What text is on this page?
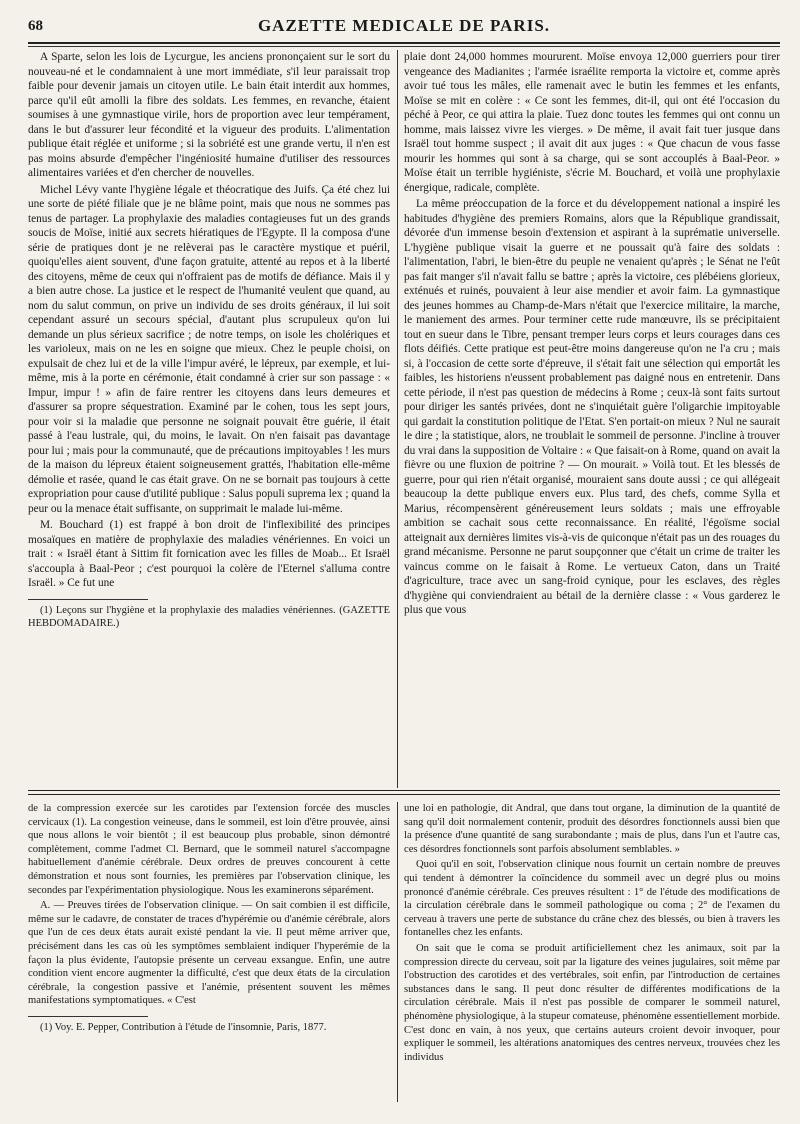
68	GAZETTE MEDICALE DE PARIS.

A Sparte, selon les lois de Lycurgue, les anciens prononçaient sur le sort du nouveau-né et le condamnaient à une mort immédiate, s'il leur paraissait trop faible pour devenir jamais un citoyen utile. Le bain était interdit aux hommes, parce qu'il eût amolli la fibre des soldats. Les femmes, en revanche, étaient soumises à une gymnastique virile, hors de proportion avec leur tempérament, dans le but d'assurer leur fécondité et la vigueur des produits. L'alimentation publique était réglée et uniforme ; si la sobriété est une grande vertu, il n'en est pas moins absurde d'empêcher l'ingéniosité humaine d'utiliser des ressources alimentaires variées et d'en chercher de nouvelles.

Michel Lévy vante l'hygiène légale et théocratique des Juifs. Ça été chez lui une sorte de piété filiale que je ne blâme point, mais que nous ne sommes pas tenus de partager. La prophylaxie des maladies contagieuses fut un des grands soucis de Moïse, initié aux secrets hiératiques de l'Egypte. Il la composa d'une série de pratiques dont je ne relèverai pas le caractère mystique et puéril, quoiqu'elles aient souvent, d'une façon gratuite, attenté au repos et à la liberté des citoyens, même de ceux qui n'offraient pas de motifs de défiance. Mais il y a bien autre chose. La justice et le respect de l'humanité veulent que quand, au nom du salut commun, on prive un individu de ses droits généraux, il lui soit cependant assuré un secours spécial, d'autant plus scrupuleux qu'on lui demande un plus sérieux sacrifice ; de notre temps, on isole les cholériques et les varioleux, mais on ne les en soigne que mieux. Chez le peuple choisi, on expulsait de chez lui et de la ville l'impur avéré, le lépreux, par exemple, et lui-même, mis à la porte en cérémonie, était condamné à crier sur son passage : « Impur, impur ! » afin de faire rentrer les citoyens dans leurs demeures et d'assurer sa propre séquestration. Examiné par le cohen, tous les sept jours, pour voir si la maladie que personne ne soignait pouvait être guérie, il était passé à l'eau lustrale, qui, du moins, le lavait. On n'en faisait pas davantage pour lui ; mais pour la communauté, que de précautions impitoyables ! les murs de la maison du lépreux étaient soigneusement grattés, l'habitation elle-même démolie et rasée, quand le cas était grave. On ne se bornait pas toujours à cette expropriation pour cause d'utilité publique : Salus populi suprema lex ; quand la peur ou la menace était suffisante, on supprimait le malade lui-même.

M. Bouchard (1) est frappé à bon droit de l'inflexibilité des principes mosaïques en matière de prophylaxie des maladies vénériennes. En voici un trait : « Israël étant à Sittim fit fornication avec les filles de Moab... Et Israël s'accoupla à Baal-Peor ; c'est pourquoi la colère de l'Eternel s'alluma contre Israël. » Ce fut une

(1) Leçons sur l'hygiène et la prophylaxie des maladies vénériennes. (GAZETTE HEBDOMADAIRE.)

plaie dont 24,000 hommes moururent. Moïse envoya 12,000 guerriers pour tirer vengeance des Madianites ; l'armée israélite remporta la victoire et, comme après avoir tué tous les mâles, elle ramenait avec le butin les femmes et les enfants, Moïse se mit en colère : « Ce sont les femmes, dit-il, qui ont été l'occasion du péché à Peor, ce qui attira la plaie. Tuez donc toutes les femmes qui ont connu un homme, mais laissez vivre les vierges. » De même, il avait fait tuer jusque dans Israël tout homme suspect ; il avait dit aux juges : « Que chacun de vous fasse mourir les hommes qui sont à sa charge, qui se sont accouplés à Baal-Peor. » Moïse était un terrible hygiéniste, s'écrie M. Bouchard, et voilà une prophylaxie énergique, radicale, complète.

La même préoccupation de la force et du développement national a inspiré les habitudes d'hygiène des premiers Romains, alors que la République grandissait, dévorée d'un immense besoin d'extension et aspirant à la suprématie universelle. L'hygiène publique visait la guerre et ne poussait qu'à faire des soldats : l'alimentation, l'abri, le bien-être du peuple ne venaient qu'après ; le Sénat ne l'eût pas fait manger s'il n'avait fallu se battre ; après la victoire, ces plébéiens glorieux, exténués et ruinés, pouvaient à leur aise mendier et avoir faim. La gymnastique des jeunes hommes au Champ-de-Mars n'était que l'exercice militaire, la marche, le maniement des armes. Pour terminer cette rude manœuvre, ils se précipitaient tout en sueur dans le Tibre, pensant tremper leurs corps et leurs courages dans ces flots déifiés. Cette pratique est peut-être moins dangereuse qu'on ne l'a cru ; mais si, à l'occasion de cette sorte d'épreuve, il s'était fait une sélection qui emportât les faibles, les historiens n'eussent probablement pas daigné nous en entretenir. Dans cette période, il n'est pas question de médecins à Rome ; ceux-là sont faits surtout pour diriger les santés privées, dont ne s'inquiétait guère l'oligarchie impitoyable qui gardait la constitution politique de l'Etat. S'en portait-on mieux ? Nul ne saurait le dire ; la statistique, alors, ne troublait le sommeil de personne. J'incline à trouver du vrai dans la supposition de Voltaire : « Que faisait-on à Rome, quand on avait la fièvre ou une fluxion de poitrine ? — On mourait. » Voilà tout. Et les blessés de guerre, pour qui rien n'était organisé, mouraient sans doute aussi ; ce qui allégeait beaucoup la dette publique envers eux. Plus tard, des chefs, comme Sylla et Marius, récompensèrent généreusement leurs soldats ; mais une effroyable ambition se cachait sous cette reconnaissance. En réalité, l'égoïsme social atteignait aux dernières limites vis-à-vis de quiconque n'était pas un des rouages du grand mécanisme. Personne ne parut soupçonner que c'était un crime de traiter les vaincus comme on le faisait à Rome. Le vertueux Caton, dans un Traité d'agriculture, trace avec un sang-froid cynique, pour les esclaves, des règles d'hygiène qui conviendraient au bétail de la dernière classe : « Vous garderez le plus que vous

de la compression exercée sur les carotides par l'extension forcée des muscles cervicaux (1). La congestion veineuse, dans le sommeil, est loin d'être prouvée, ainsi que nous allons le voir bientôt ; il est beaucoup plus probable, sinon démontré complètement, comme l'admet Cl. Bernard, que le sommeil naturel s'accompagne habituellement d'anémie cérébrale. Deux ordres de preuves concourent à cette démonstration et nous sont fournies, les premières par l'observation clinique, les secondes par l'expérimentation physiologique. Nous les examinerons séparément.

A. — Preuves tirées de l'observation clinique. — On sait combien il est difficile, même sur le cadavre, de constater de traces d'hypérémie ou d'anémie cérébrale, alors que l'un de ces deux états aurait existé pendant la vie. Il peut même arriver que, précisément dans les cas où les symptômes semblaient indiquer l'hyperémie de la façon la plus évidente, l'autopsie présente un cerveau exsangue. Enfin, une autre condition vient encore augmenter la difficulté, c'est que deux états de la circulation cérébrale, la congestion passive et l'anémie, présentent souvent les mêmes manifestations symptomatiques. « C'est

(1) Voy. E. Pepper, Contribution à l'étude de l'insomnie, Paris, 1877.

une loi en pathologie, dit Andral, que dans tout organe, la diminution de la quantité de sang qu'il doit normalement contenir, produit des désordres fonctionnels aussi bien que la présence d'une quantité de sang surabondante ; mais de plus, dans l'un et l'autre cas, ces désordres fonctionnels sont parfois absolument semblables. »

Quoi qu'il en soit, l'observation clinique nous fournit un certain nombre de preuves qui tendent à démontrer la coïncidence du sommeil avec un degré plus ou moins prononcé d'anémie cérébrale. Ces preuves résultent : 1° de l'étude des modifications de la circulation cérébrale dans le sommeil pathologique ou coma ; 2° de l'examen du cerveau à travers une perte de substance du crâne chez des blessés, ou bien à travers les fontanelles chez les enfants.

On sait que le coma se produit artificiellement chez les animaux, soit par la compression directe du cerveau, soit par la ligature des veines jugulaires, soit même par l'obstruction des carotides et des vertébrales, soit enfin, par l'introduction de certaines substances dans le sang. Il peut donc résulter de différentes modifications de la circulation cérébrale. Mais il n'est pas possible de comparer le sommeil naturel, phénomène physiologique, à la stupeur comateuse, phénomène essentiellement morbide. C'est donc en vain, à nos yeux, que certains auteurs croient devoir invoquer, pour expliquer le sommeil, les altérations anatomiques des centres nerveux, trouvées chez les individus
